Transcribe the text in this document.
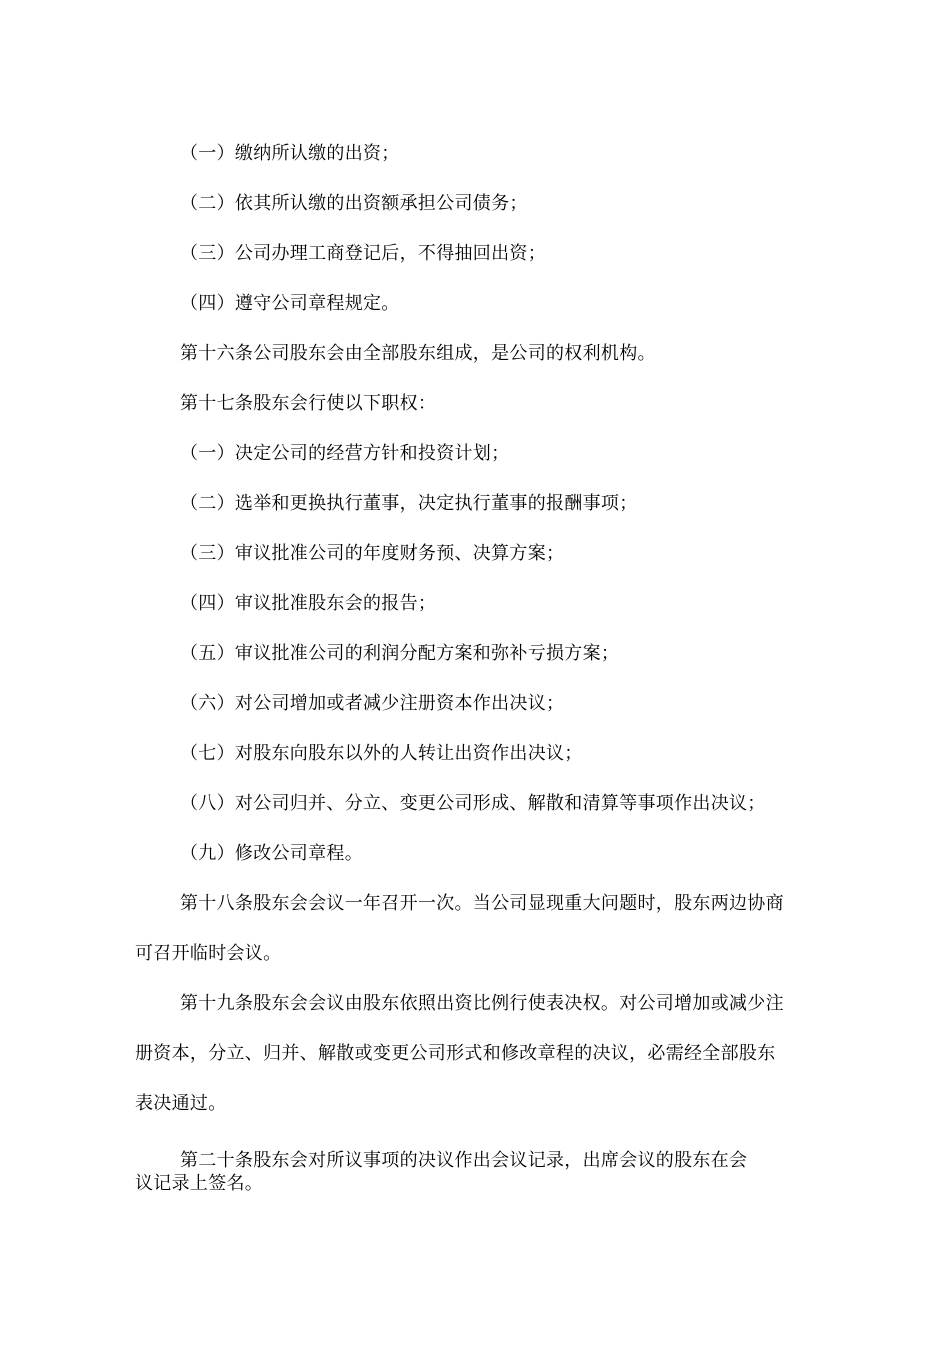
（一）缴纳所认缴的出资；
（二）依其所认缴的出资额承担公司债务；
（三）公司办理工商登记后，不得抽回出资；
（四）遵守公司章程规定。
第十六条公司股东会由全部股东组成，是公司的权利机构。
第十七条股东会行使以下职权：
（一）决定公司的经营方针和投资计划；
（二）选举和更换执行董事，决定执行董事的报酬事项；
（三）审议批准公司的年度财务预、决算方案；
（四）审议批准股东会的报告；
（五）审议批准公司的利润分配方案和弥补亏损方案；
（六）对公司增加或者减少注册资本作出决议；
（七）对股东向股东以外的人转让出资作出决议；
（八）对公司归并、分立、变更公司形成、解散和清算等事项作出决议；
（九）修改公司章程。
第十八条股东会会议一年召开一次。当公司显现重大问题时，股东两边协商
可召开临时会议。
第十九条股东会会议由股东依照出资比例行使表决权。对公司增加或减少注
册资本，分立、归并、解散或变更公司形式和修改章程的决议，必需经全部股东
表决通过。
第二十条股东会对所议事项的决议作出会议记录，出席会议的股东在会
议记录上签名。
